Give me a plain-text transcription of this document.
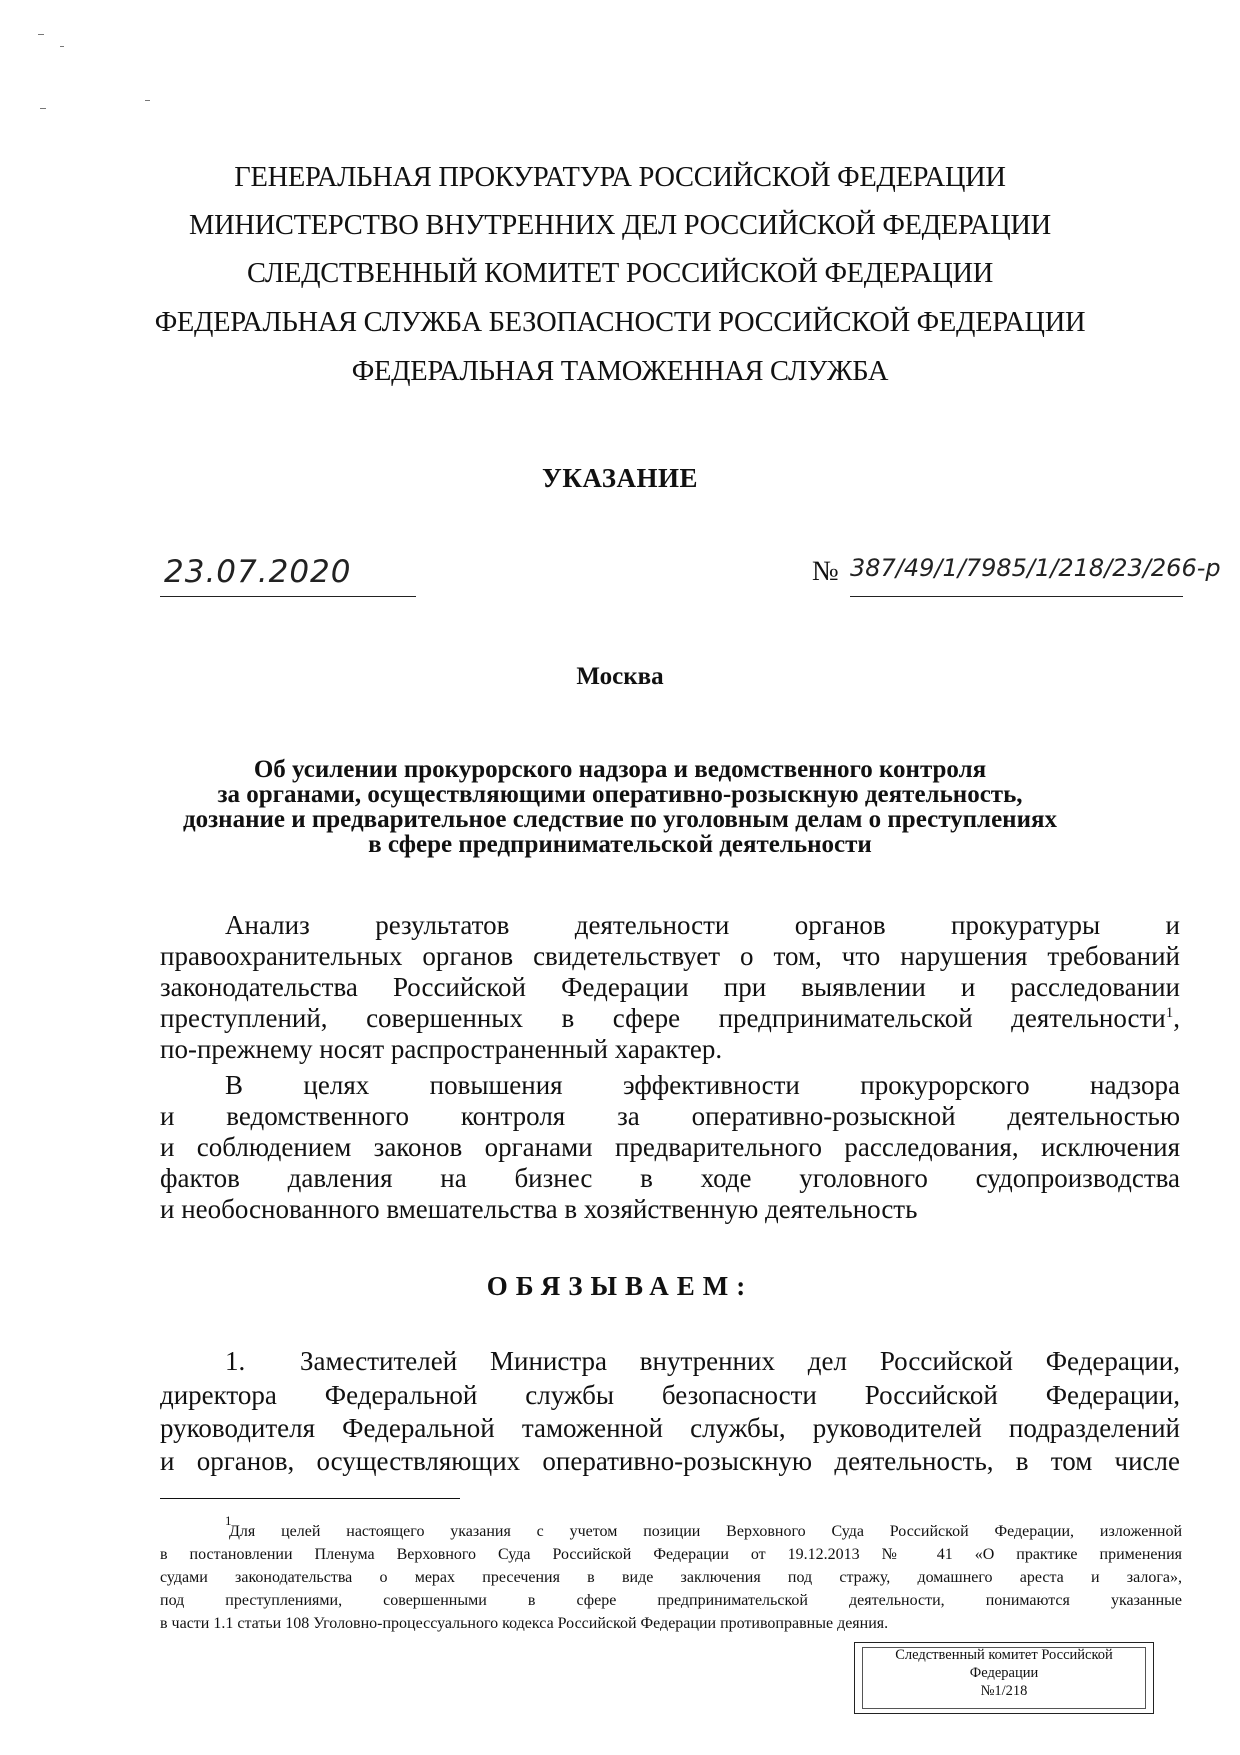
ГЕНЕРАЛЬНАЯ ПРОКУРАТУРА РОССИЙСКОЙ ФЕДЕРАЦИИ
МИНИСТЕРСТВО ВНУТРЕННИХ ДЕЛ РОССИЙСКОЙ ФЕДЕРАЦИИ
СЛЕДСТВЕННЫЙ КОМИТЕТ РОССИЙСКОЙ ФЕДЕРАЦИИ
ФЕДЕРАЛЬНАЯ СЛУЖБА БЕЗОПАСНОСТИ РОССИЙСКОЙ ФЕДЕРАЦИИ
ФЕДЕРАЛЬНАЯ ТАМОЖЕННАЯ СЛУЖБА
УКАЗАНИЕ
23.07.2020	№ 387/49/1/7985/1/218/23/266-р
Москва
Об усилении прокурорского надзора и ведомственного контроля
за органами, осуществляющими оперативно-розыскную деятельность,
дознание и предварительное следствие по уголовным делам о преступлениях
в сфере предпринимательской деятельности
Анализ результатов деятельности органов прокуратуры и
правоохранительных органов свидетельствует о том, что нарушения требований
законодательства Российской Федерации при выявлении и расследовании
преступлений, совершенных в сфере предпринимательской деятельности$^1$,
по-прежнему носят распространенный характер.
В целях повышения эффективности прокурорского надзора
и ведомственного контроля за оперативно-розыскной деятельностью
и соблюдением законов органами предварительного расследования, исключения
фактов давления на бизнес в ходе уголовного судопроизводства
и необоснованного вмешательства в хозяйственную деятельность
ОБЯЗЫВАЕМ:
1. Заместителей Министра внутренних дел Российской Федерации,
директора Федеральной службы безопасности Российской Федерации,
руководителя Федеральной таможенной службы, руководителей подразделений
и органов, осуществляющих оперативно-розыскную деятельность, в том числе
$^1$
Для целей настоящего указания с учетом позиции Верховного Суда Российской Федерации, изложенной
в постановлении Пленума Верховного Суда Российской Федерации от 19.12.2013 № 41 «О практике применения
судами законодательства о мерах пресечения в виде заключения под стражу, домашнего ареста и залога»,
под преступлениями, совершенными в сфере предпринимательской деятельности, понимаются указанные
в части 1.1 статьи 108 Уголовно-процессуального кодекса Российской Федерации противоправные деяния.
Следственный комитет Российской
Федерации
№1/218
